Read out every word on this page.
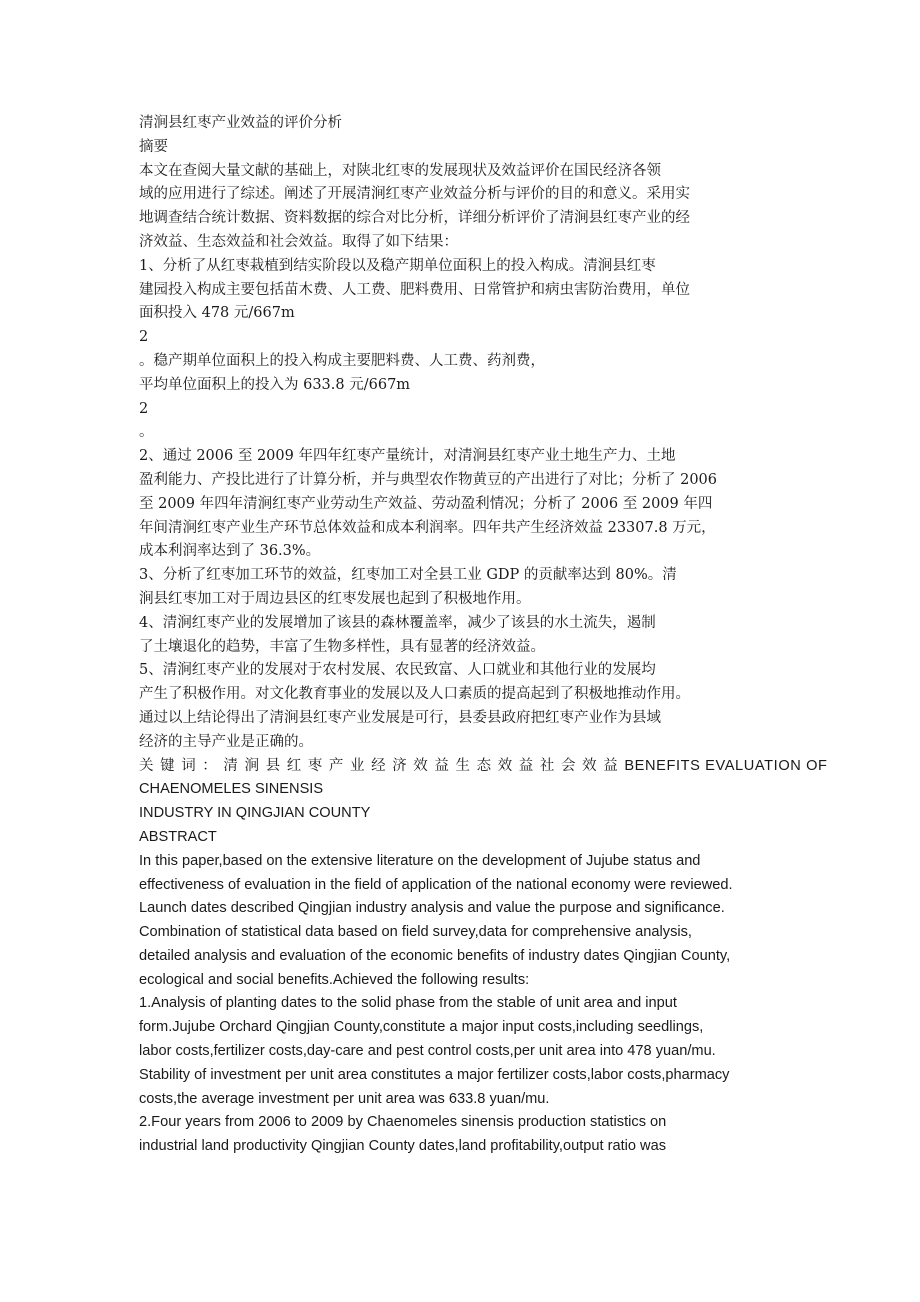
清涧县红枣产业效益的评价分析
摘要
本文在查阅大量文献的基础上，对陕北红枣的发展现状及效益评价在国民经济各领
域的应用进行了综述。阐述了开展清涧红枣产业效益分析与评价的目的和意义。采用实
地调查结合统计数据、资料数据的综合对比分析，详细分析评价了清涧县红枣产业的经
济效益、生态效益和社会效益。取得了如下结果：
1、分析了从红枣栽植到结实阶段以及稳产期单位面积上的投入构成。清涧县红枣
建园投入构成主要包括苗木费、人工费、肥料费用、日常管护和病虫害防治费用，单位
面积投入 478 元/667m
2
。稳产期单位面积上的投入构成主要肥料费、人工费、药剂费，
平均单位面积上的投入为 633.8 元/667m
2
。
2、通过 2006 至 2009 年四年红枣产量统计，对清涧县红枣产业土地生产力、土地
盈利能力、产投比进行了计算分析，并与典型农作物黄豆的产出进行了对比；分析了 2006
至 2009 年四年清涧红枣产业劳动生产效益、劳动盈利情况；分析了 2006 至 2009 年四
年间清涧红枣产业生产环节总体效益和成本利润率。四年共产生经济效益 23307.8 万元，
成本利润率达到了 36.3%。
3、分析了红枣加工环节的效益，红枣加工对全县工业 GDP 的贡献率达到 80%。清
涧县红枣加工对于周边县区的红枣发展也起到了积极地作用。
4、清涧红枣产业的发展增加了该县的森林覆盖率，减少了该县的水土流失，遏制
了土壤退化的趋势，丰富了生物多样性，具有显著的经济效益。
5、清涧红枣产业的发展对于农村发展、农民致富、人口就业和其他行业的发展均
产生了积极作用。对文化教育事业的发展以及人口素质的提高起到了积极地推动作用。
通过以上结论得出了清涧县红枣产业发展是可行，县委县政府把红枣产业作为县域
经济的主导产业是正确的。
关键词：清涧县红枣产业经济效益生态效益社会效益 BENEFITS EVALUATION OF
CHAENOMELES SINENSIS
INDUSTRY IN QINGJIAN COUNTY
ABSTRACT
In this paper,based on the extensive literature on the development of Jujube status and
effectiveness of evaluation in the field of application of the national economy were reviewed.
Launch dates described Qingjian industry analysis and value the purpose and significance.
Combination of statistical data based on field survey,data for comprehensive analysis,
detailed analysis and evaluation of the economic benefits of industry dates Qingjian County,
ecological and social benefits.Achieved the following results:
1.Analysis of planting dates to the solid phase from the stable of unit area and input
form.Jujube Orchard Qingjian County,constitute a major input costs,including seedlings,
labor costs,fertilizer costs,day-care and pest control costs,per unit area into 478 yuan/mu.
Stability of investment per unit area constitutes a major fertilizer costs,labor costs,pharmacy
costs,the average investment per unit area was 633.8 yuan/mu.
2.Four years from 2006 to 2009 by Chaenomeles sinensis production statistics on
industrial land productivity Qingjian County dates,land profitability,output ratio was
